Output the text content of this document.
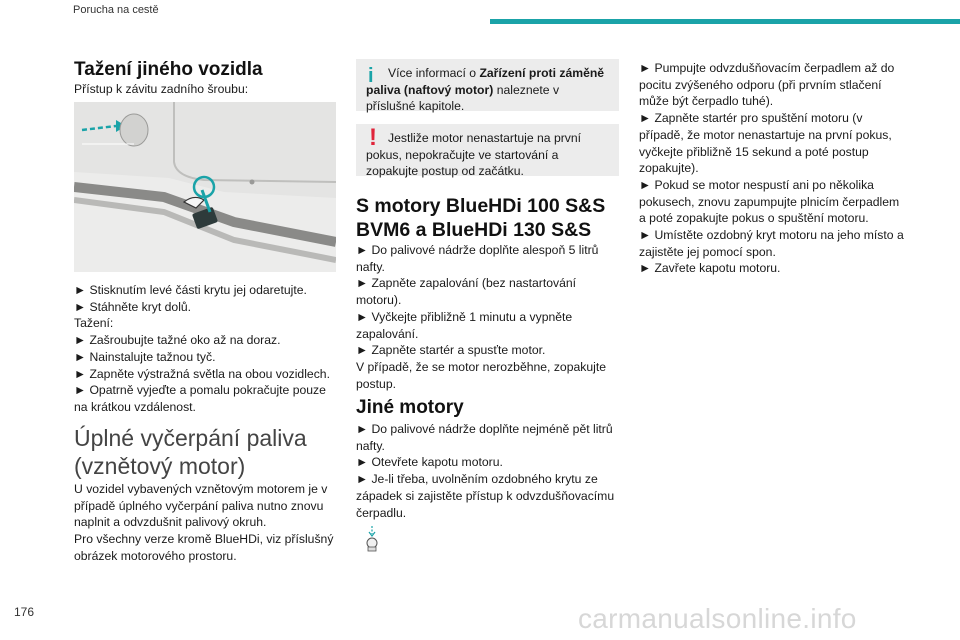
Porucha na cestě
Tažení jiného vozidla
Přístup k závitu zadního šroubu:
► Stisknutím levé části krytu jej odaretujte.
► Stáhněte kryt dolů.
Tažení:
► Zašroubujte tažné oko až na doraz.
► Nainstalujte tažnou tyč.
► Zapněte výstražná světla na obou vozidlech.
► Opatrně vyjeďte a pomalu pokračujte pouze na krátkou vzdálenost.
Úplné vyčerpání paliva
(vznětový motor)

U vozidel vybavených vznětovým motorem je v případě úplného vyčerpání paliva nutno znovu naplnit a odvzdušnit palivový okruh.

Pro všechny verze kromě BlueHDi, viz příslušný obrázek motorového prostoru.

i	Více informací o Zařízení proti záměně paliva (naftový motor) naleznete v příslušné kapitole.
! Jestliže motor nenastartuje na první pokus, nepokračujte ve startování a zopakujte postup od začátku.
S motory BlueHDi 100 S&S BVM6 a BlueHDi 130 S&S
► Do palivové nádrže doplňte alespoň 5 litrů nafty.
► Zapněte zapalování (bez nastartování motoru).
► Vyčkejte přibližně 1 minutu a vypněte zapalování.
► Zapněte startér a spusťte motor.
V případě, že se motor nerozběhne, zopakujte postup.
Jiné motory
► Do palivové nádrže doplňte nejméně pět litrů nafty.
► Otevřete kapotu motoru.
► Je-li třeba, uvolněním ozdobného krytu ze západek si zajistěte přístup k odvzdušňovacímu čerpadlu.
► Pumpujte odvzdušňovacím čerpadlem až do pocitu zvýšeného odporu (při prvním stlačení může být čerpadlo tuhé).
► Zapněte startér pro spuštění motoru (v případě, že motor nenastartuje na první pokus, vyčkejte přibližně 15 sekund a poté postup zopakujte).
► Pokud se motor nespustí ani po několika pokusech, znovu zapumpujte plnicím čerpadlem a poté zopakujte pokus o spuštění motoru.
► Umístěte ozdobný kryt motoru na jeho místo a zajistěte jej pomocí spon.
► Zavřete kapotu motoru.
176	carmanualsonline.info
